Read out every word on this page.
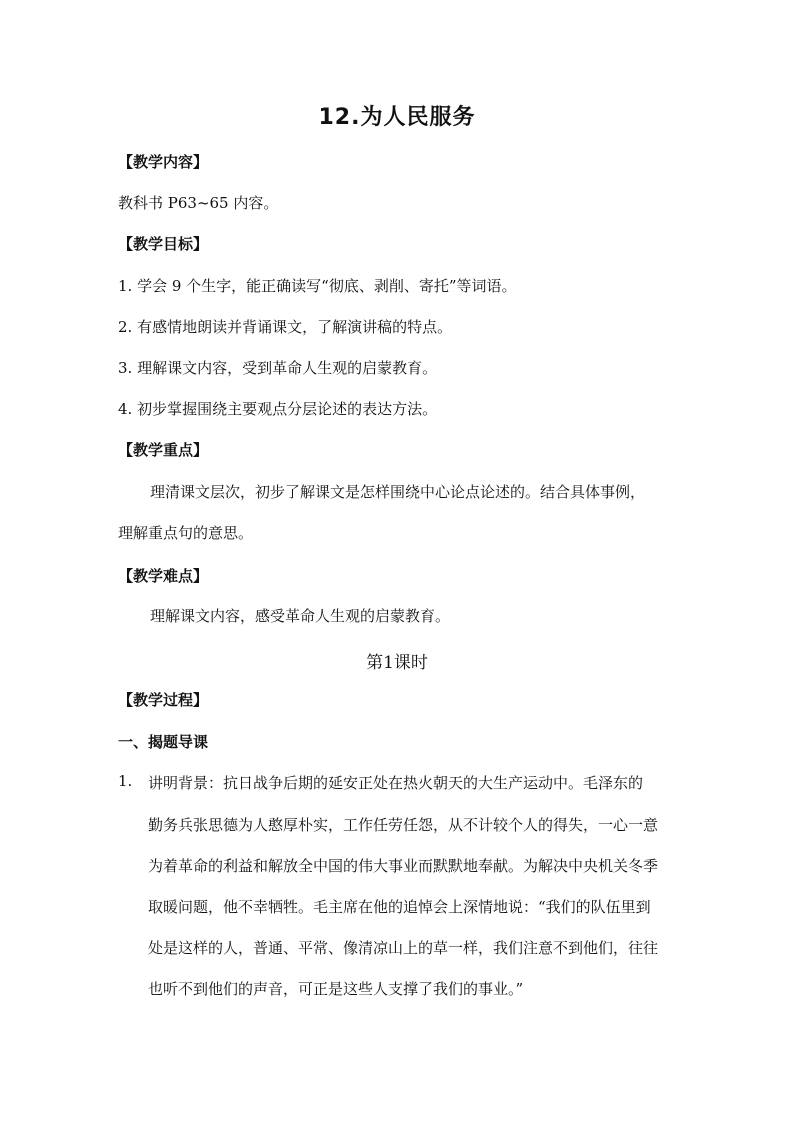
12.为人民服务
【教学内容】
教科书 P63~65 内容。
【教学目标】
1. 学会 9 个生字，能正确读写“彻底、剥削、寄托”等词语。
2. 有感情地朗读并背诵课文，了解演讲稿的特点。
3. 理解课文内容，受到革命人生观的启蒙教育。
4. 初步掌握围绕主要观点分层论述的表达方法。
【教学重点】
理清课文层次，初步了解课文是怎样围绕中心论点论述的。结合具体事例，
理解重点句的意思。
【教学难点】
理解课文内容，感受革命人生观的启蒙教育。
第1课时
【教学过程】
一、揭题导课
1. 讲明背景：抗日战争后期的延安正处在热火朝天的大生产运动中。毛泽东的
勤务兵张思德为人憨厚朴实，工作任劳任怨，从不计较个人的得失，一心一意
为着革命的利益和解放全中国的伟大事业而默默地奉献。为解决中央机关冬季
取暖问题，他不幸牺牲。毛主席在他的追悼会上深情地说：“我们的队伍里到
处是这样的人，普通、平常、像清凉山上的草一样，我们注意不到他们，往往
也听不到他们的声音，可正是这些人支撑了我们的事业。”
